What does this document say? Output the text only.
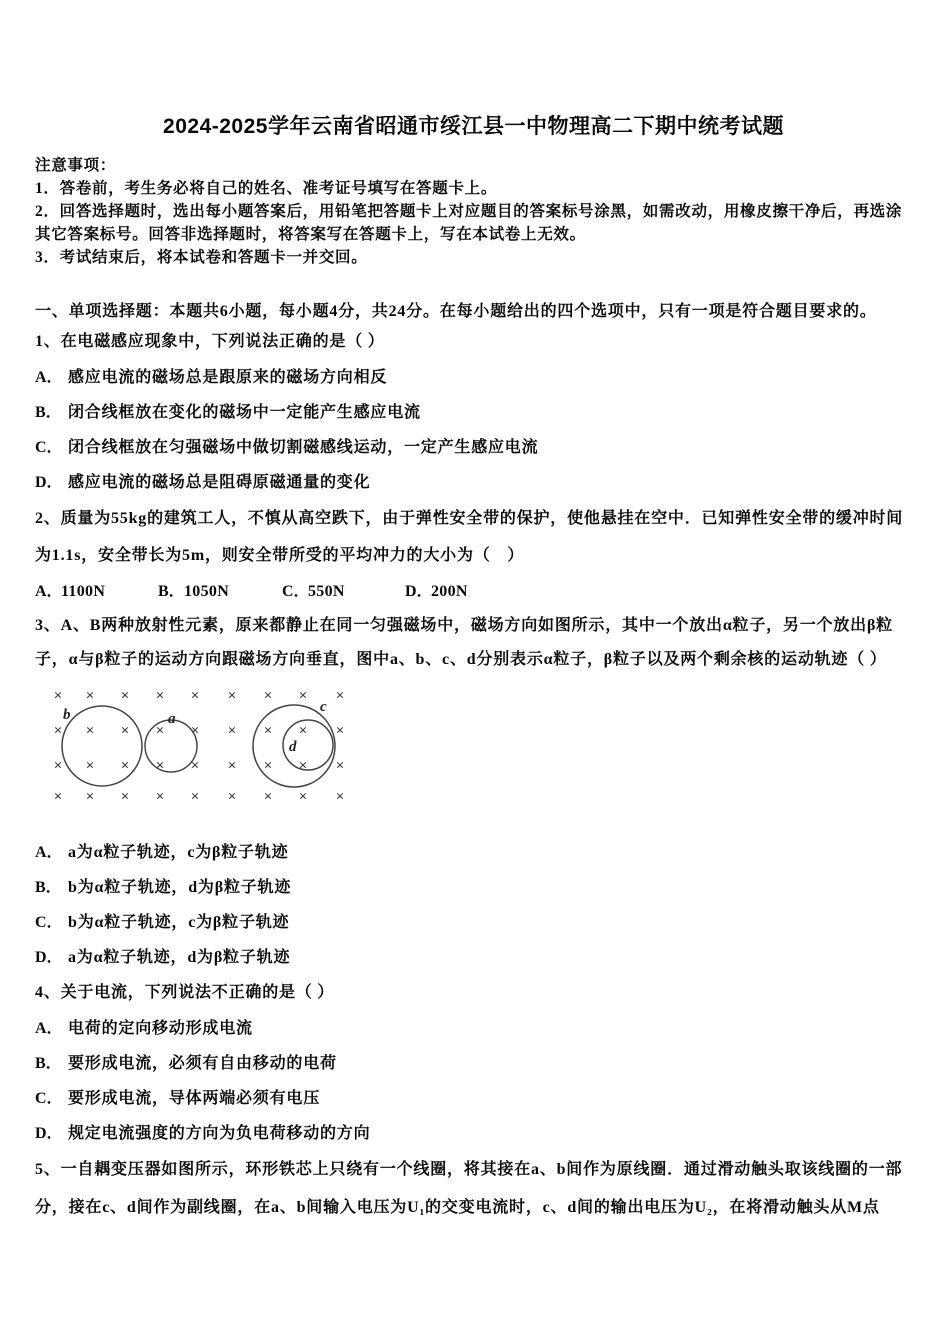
2024-2025学年云南省昭通市绥江县一中物理高二下期中统考试题
注意事项：
1．答卷前，考生务必将自己的姓名、准考证号填写在答题卡上。
2．回答选择题时，选出每小题答案后，用铅笔把答题卡上对应题目的答案标号涂黑，如需改动，用橡皮擦干净后，再选涂其它答案标号。回答非选择题时，将答案写在答题卡上，写在本试卷上无效。
3．考试结束后，将本试卷和答题卡一并交回。
一、单项选择题：本题共6小题，每小题4分，共24分。在每小题给出的四个选项中，只有一项是符合题目要求的。
1、在电磁感应现象中，下列说法正确的是（ ）
A． 感应电流的磁场总是跟原来的磁场方向相反
B． 闭合线框放在变化的磁场中一定能产生感应电流
C． 闭合线框放在匀强磁场中做切割磁感线运动，一定产生感应电流
D． 感应电流的磁场总是阻碍原磁通量的变化
2、质量为55kg的建筑工人，不慎从高空跌下，由于弹性安全带的保护，使他悬挂在空中．已知弹性安全带的缓冲时间为1.1s，安全带长为5m，则安全带所受的平均冲力的大小为（　）
A．1100N	B．1050N	C．550N	D．200N
3、A、B两种放射性元素，原来都静止在同一匀强磁场中，磁场方向如图所示，其中一个放出α粒子，另一个放出β粒子，α与β粒子的运动方向跟磁场方向垂直，图中a、b、c、d分别表示α粒子，β粒子以及两个剩余核的运动轨迹（ ）
× × × × × × × × ×
× × × × × × × × ×
× × × × × × × × ×
× × × × × × × × ×
b	a
c
d
A． a为α粒子轨迹，c为β粒子轨迹
B． b为α粒子轨迹，d为β粒子轨迹
C． b为α粒子轨迹，c为β粒子轨迹
D． a为α粒子轨迹，d为β粒子轨迹
4、关于电流，下列说法不正确的是（ ）
A． 电荷的定向移动形成电流
B． 要形成电流，必须有自由移动的电荷
C． 要形成电流，导体两端必须有电压
D． 规定电流强度的方向为负电荷移动的方向
5、一自耦变压器如图所示，环形铁芯上只绕有一个线圈，将其接在a、b间作为原线圈．通过滑动触头取该线圈的一部分，接在c、d间作为副线圈，在a、b间输入电压为U₁的交变电流时，c、d间的输出电压为U₂，在将滑动触头从M点
